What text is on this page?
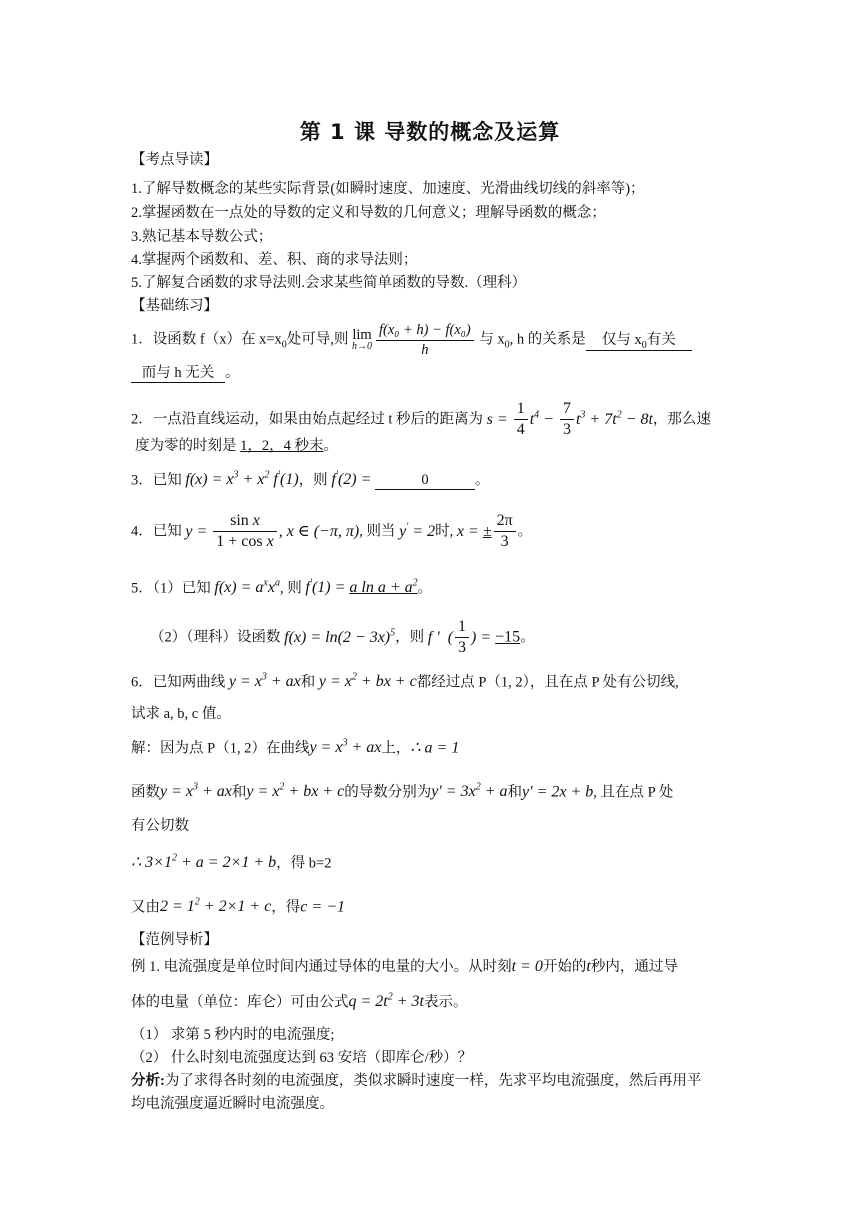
第 1 课 导数的概念及运算
【考点导读】
1.了解导数概念的某些实际背景(如瞬时速度、加速度、光滑曲线切线的斜率等)；
2.掌握函数在一点处的导数的定义和导数的几何意义；理解导函数的概念；
3.熟记基本导数公式；
4.掌握两个函数和、差、积、商的求导法则；
5.了解复合函数的求导法则.会求某些简单函数的导数.（理科）
【基础练习】
1．设函数 f（x）在 $x=x_0$处可导,则 lim
$h\to 0 \frac{\text{f(x₀ + h) − f(x₀)}}{h}$ 与 $x_0$, h 的关系是 仅与 $x_0$有关
而与 h 无关 。
2．一点沿直线运动，如果由始点起经过 t 秒后的距离为 $s = \frac{1}{4} t^4 - \frac{7}{3} t^3 + 7t^2 - 8t$，那么速
度为零的时刻是 1，2，4 秒末。
3．已知 $f(x) = x^3 + x^2$ f′(1)，则 f′(2) =	0	。
4．已知 $y = \frac{\text{sin x}}{\text{1 + cos x}}$ , x ∈ (−π, π), 则当 y′ = 2时, x = ± $\frac{2\pi}{3}$ 。
5．（1）已知 $f(x) = a^xx^a$, 则 f′(1) = a $\ln a + a^2$。
（2）（理科）设函数 $f(x) = \ln(2 - 3x)^5$，则 f ′  ( $\frac{1}{3}$ ) = −15。
6．已知两曲线 $y = x^3$ + ax和 $y = x^2$ + bx + c都经过点 P（1, 2），且在点 P 处有公切线,
试求 a, b, c 值。
解：因为点 P（1, 2）在曲线$y = x^3$ + ax上，∴ a = 1
函数$y = x^3$ + ax和$y = x^2$ + bx + c的导数分别为$y' = 3x^2 + a$和y′ = 2x + b, 且在点 P 处
有公切数
∴ $3\times 1^2 + a = 2\times 1 + b$，得 b=2
又由$2 = 1^2 + 2\times 1 + c$，得c = −1
【范例导析】
例 1. 电流强度是单位时间内通过导体的电量的大小。从时刻t = 0开始的t秒内，通过导
体的电量（单位：库仑）可由公式$q = 2t^2 + 3t$表示。
（1） 求第 5 秒内时的电流强度;
（2） 什么时刻电流强度达到 63 安培（即库仑/秒）？
分析:为了求得各时刻的电流强度，类似求瞬时速度一样，先求平均电流强度，然后再用平
均电流强度逼近瞬时电流强度。
